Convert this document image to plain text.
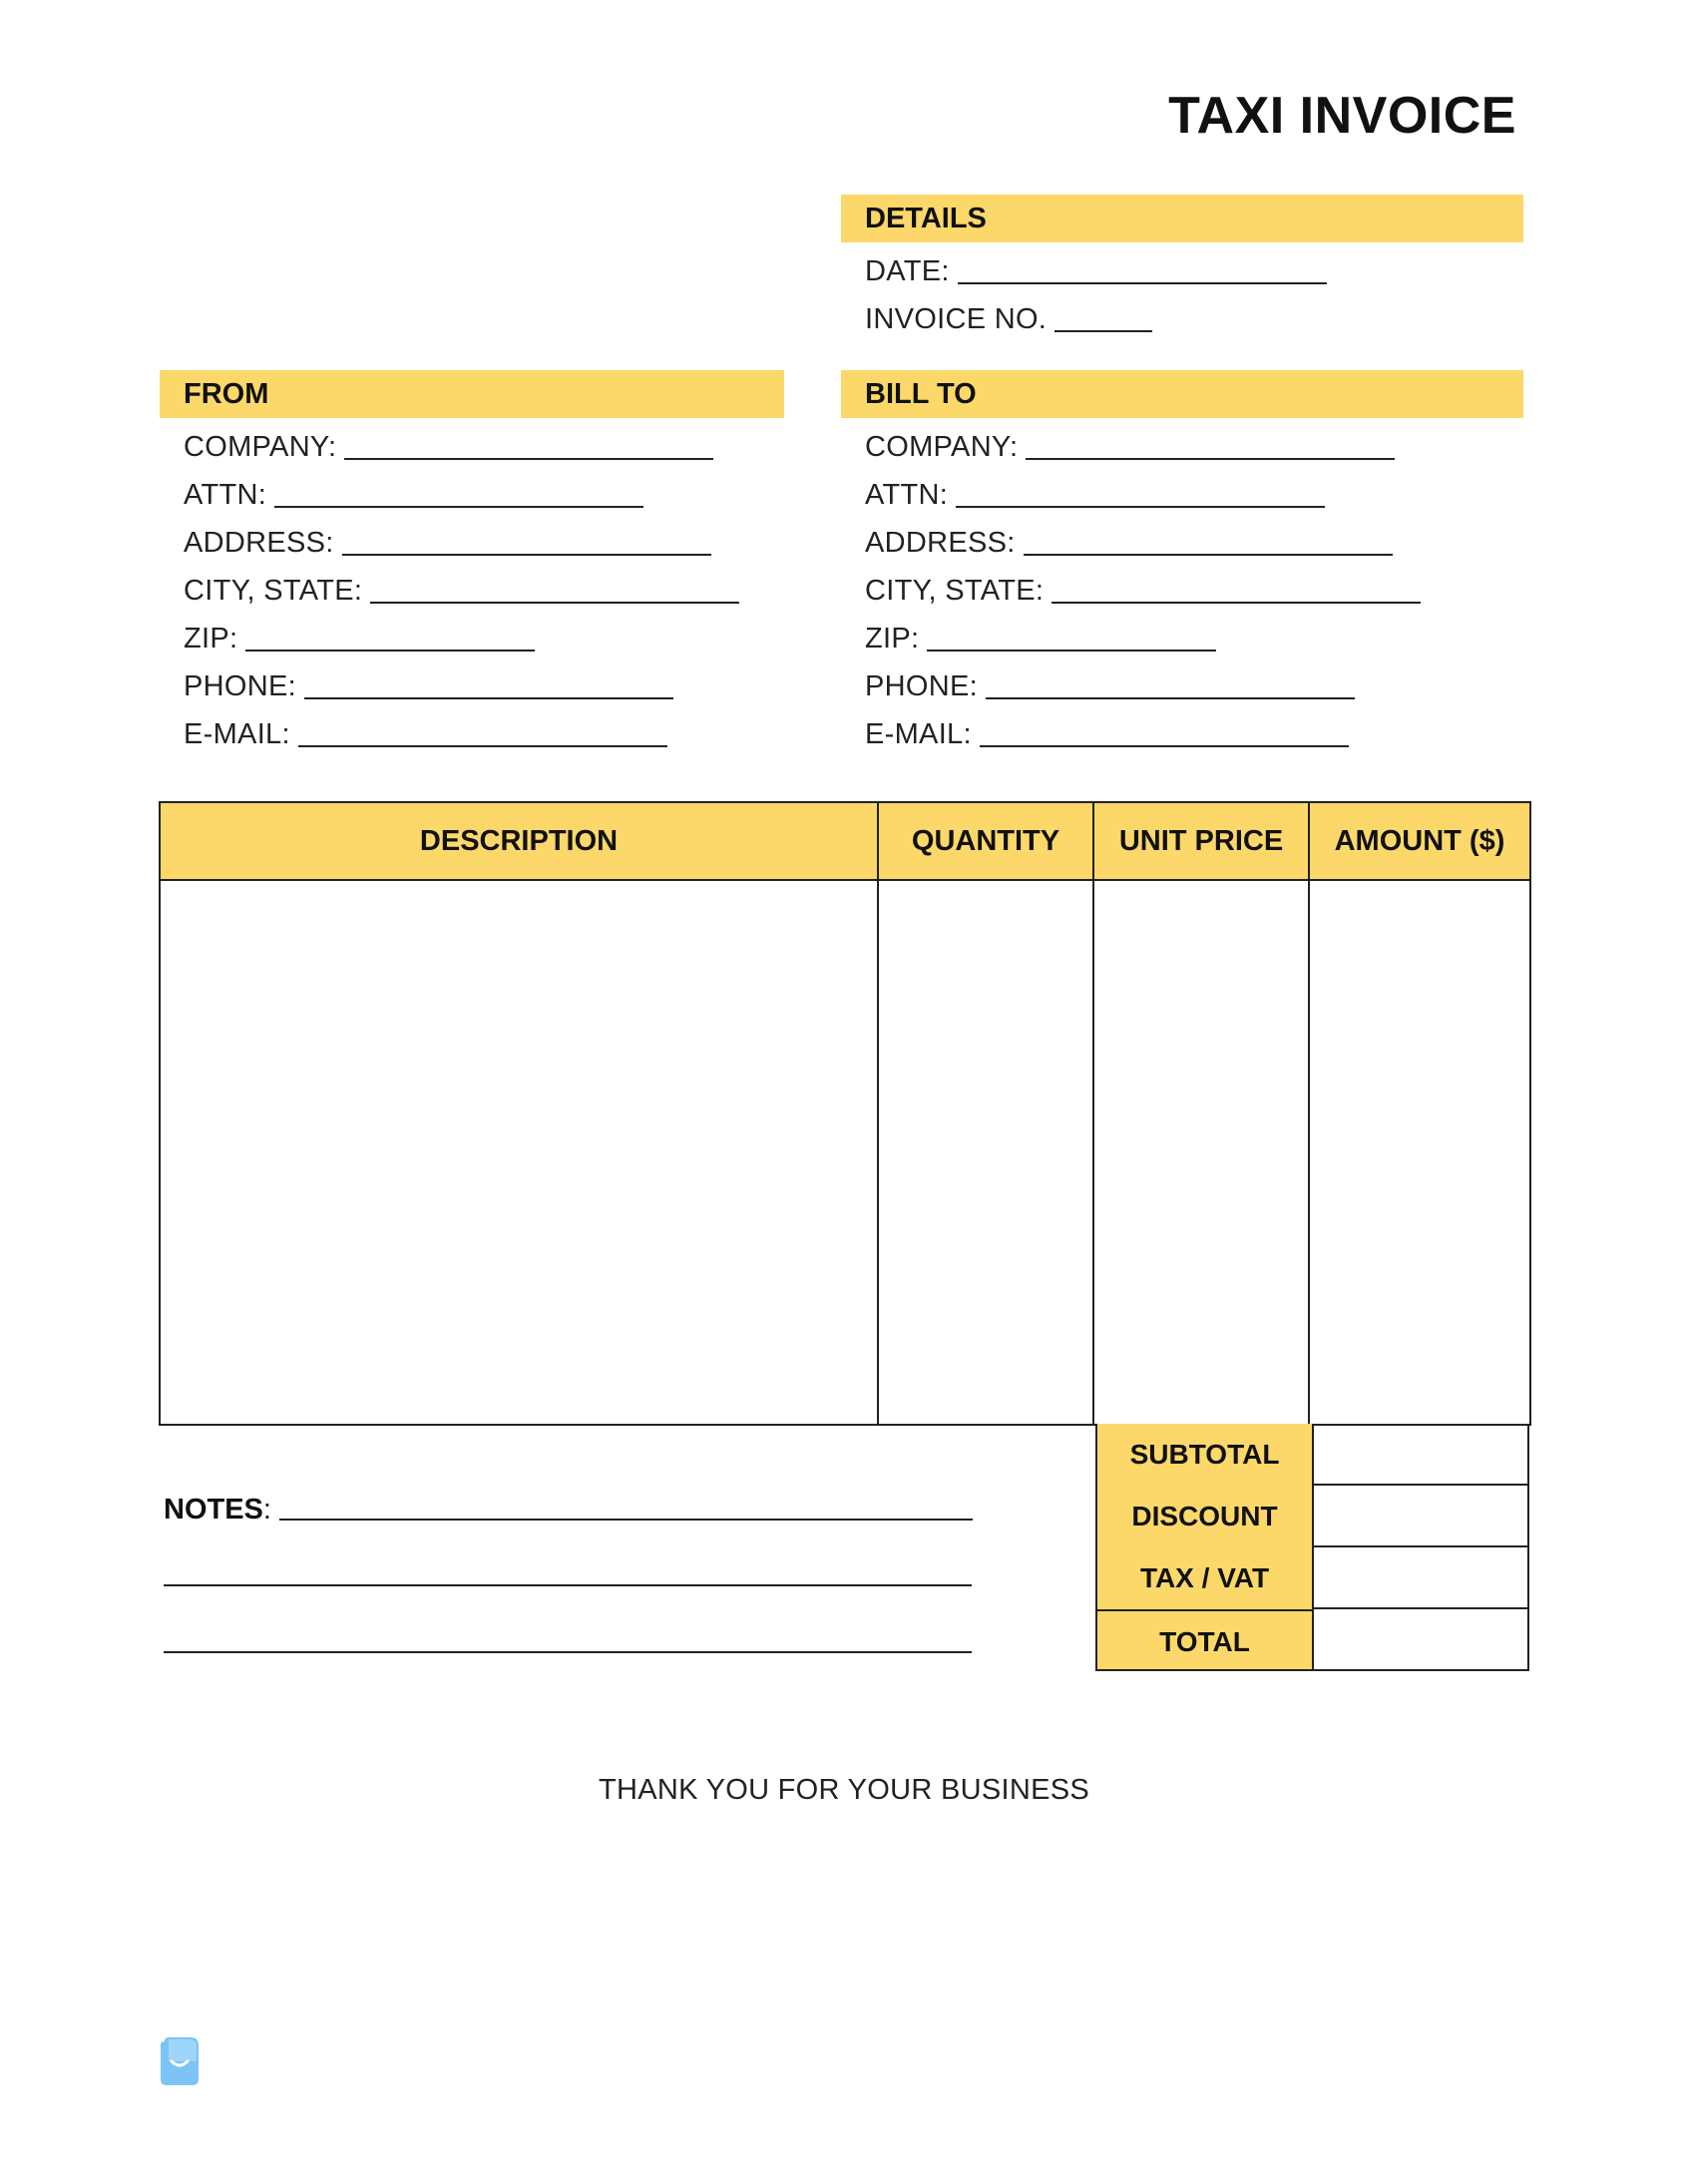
TAXI INVOICE
DETAILS
DATE:
INVOICE NO.
FROM
COMPANY:
ATTN:
ADDRESS:
CITY, STATE:
ZIP:
PHONE:
E-MAIL:
BILL TO
COMPANY:
ATTN:
ADDRESS:
CITY, STATE:
ZIP:
PHONE:
E-MAIL:
DESCRIPTION	QUANTITY	UNIT PRICE	AMOUNT ($)

SUBTOTAL
DISCOUNT
TAX / VAT
TOTAL
NOTES :
THANK YOU FOR YOUR BUSINESS
